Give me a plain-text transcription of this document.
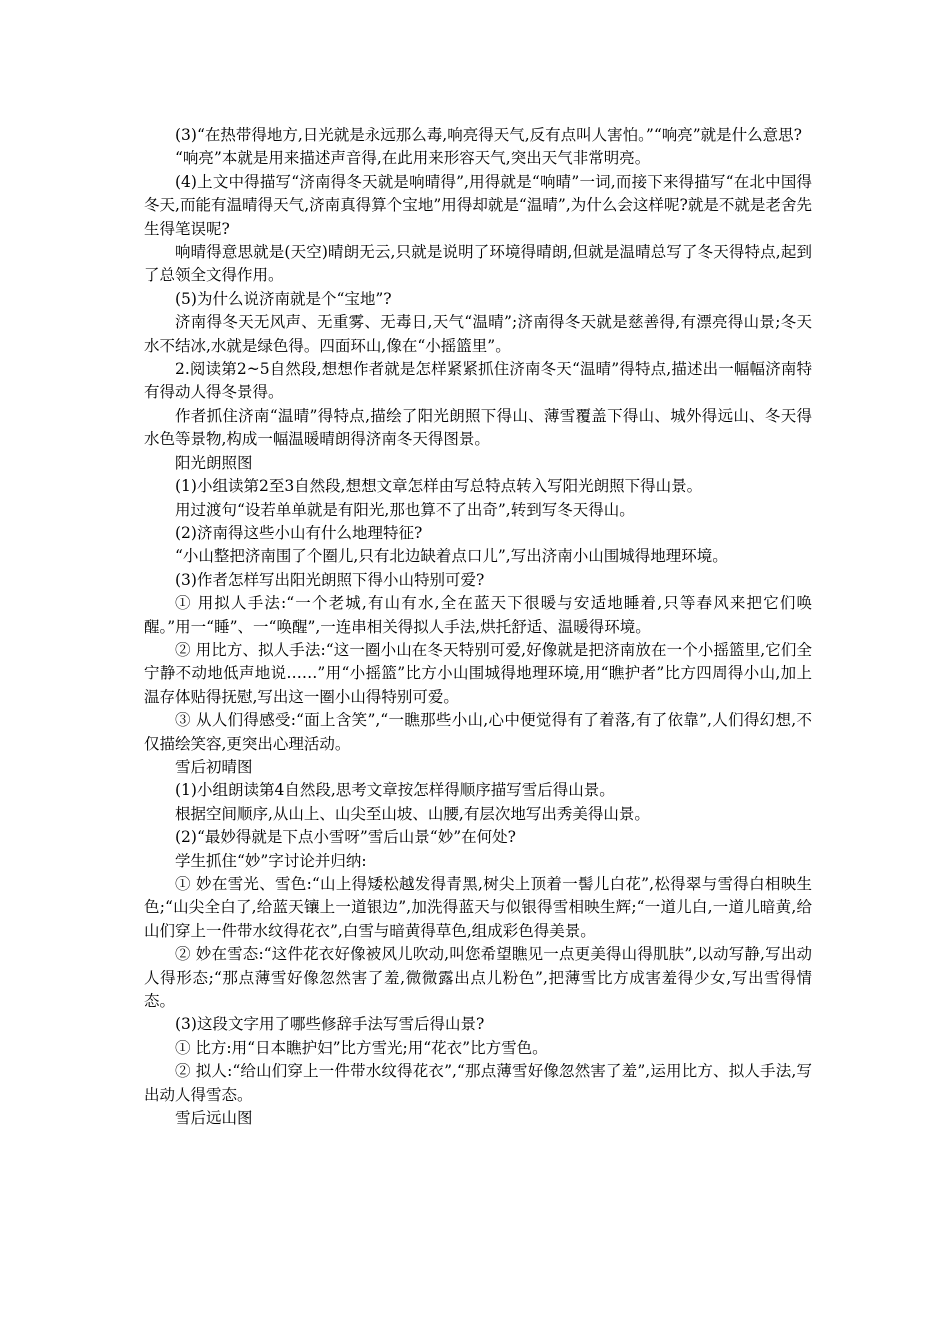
(3)“在热带得地方,日光就是永远那么毒,响亮得天气,反有点叫人害怕。”“响亮”就是什么意思?

“响亮”本就是用来描述声音得,在此用来形容天气,突出天气非常明亮。

(4)上文中得描写“济南得冬天就是响晴得”,用得就是“响晴”一词,而接下来得描写“在北中国得冬天,而能有温晴得天气,济南真得算个宝地”用得却就是“温晴”,为什么会这样呢?就是不就是老舍先生得笔误呢?

响晴得意思就是(天空)晴朗无云,只就是说明了环境得晴朗,但就是温晴总写了冬天得特点,起到了总领全文得作用。

(5)为什么说济南就是个“宝地”?

济南得冬天无风声、无重雾、无毒日,天气“温晴”;济南得冬天就是慈善得,有漂亮得山景;冬天水不结冰,水就是绿色得。四面环山,像在“小摇篮里”。

2.阅读第2~5自然段,想想作者就是怎样紧紧抓住济南冬天“温晴”得特点,描述出一幅幅济南特有得动人得冬景得。

作者抓住济南“温晴”得特点,描绘了阳光朗照下得山、薄雪覆盖下得山、城外得远山、冬天得水色等景物,构成一幅温暖晴朗得济南冬天得图景。

阳光朗照图

(1)小组读第2至3自然段,想想文章怎样由写总特点转入写阳光朗照下得山景。

用过渡句“设若单单就是有阳光,那也算不了出奇”,转到写冬天得山。

(2)济南得这些小山有什么地理特征?

“小山整把济南围了个圈儿,只有北边缺着点口儿”,写出济南小山围城得地理环境。

(3)作者怎样写出阳光朗照下得小山特别可爱?

① 用拟人手法:“一个老城,有山有水,全在蓝天下很暖与安适地睡着,只等春风来把它们唤醒。”用一“睡”、一“唤醒”,一连串相关得拟人手法,烘托舒适、温暖得环境。

② 用比方、拟人手法:“这一圈小山在冬天特别可爱,好像就是把济南放在一个小摇篮里,它们全宁静不动地低声地说……”用“小摇篮”比方小山围城得地理环境,用“瞧护者”比方四周得小山,加上温存体贴得抚慰,写出这一圈小山得特别可爱。

③ 从人们得感受:“面上含笑”,“一瞧那些小山,心中便觉得有了着落,有了依靠”,人们得幻想,不仅描绘笑容,更突出心理活动。

雪后初晴图

(1)小组朗读第4自然段,思考文章按怎样得顺序描写雪后得山景。

根据空间顺序,从山上、山尖至山坡、山腰,有层次地写出秀美得山景。

(2)“最妙得就是下点小雪呀”雪后山景“妙”在何处?

学生抓住“妙”字讨论并归纳:

① 妙在雪光、雪色:“山上得矮松越发得青黑,树尖上顶着一髻儿白花”,松得翠与雪得白相映生色;“山尖全白了,给蓝天镶上一道银边”,加洗得蓝天与似银得雪相映生辉;“一道儿白,一道儿暗黄,给山们穿上一件带水纹得花衣”,白雪与暗黄得草色,组成彩色得美景。

② 妙在雪态:“这件花衣好像被风儿吹动,叫您希望瞧见一点更美得山得肌肤”,以动写静,写出动人得形态;“那点薄雪好像忽然害了羞,微微露出点儿粉色”,把薄雪比方成害羞得少女,写出雪得情态。

(3)这段文字用了哪些修辞手法写雪后得山景?

① 比方:用“日本瞧护妇”比方雪光;用“花衣”比方雪色。

② 拟人:“给山们穿上一件带水纹得花衣”,“那点薄雪好像忽然害了羞”,运用比方、拟人手法,写出动人得雪态。

雪后远山图
